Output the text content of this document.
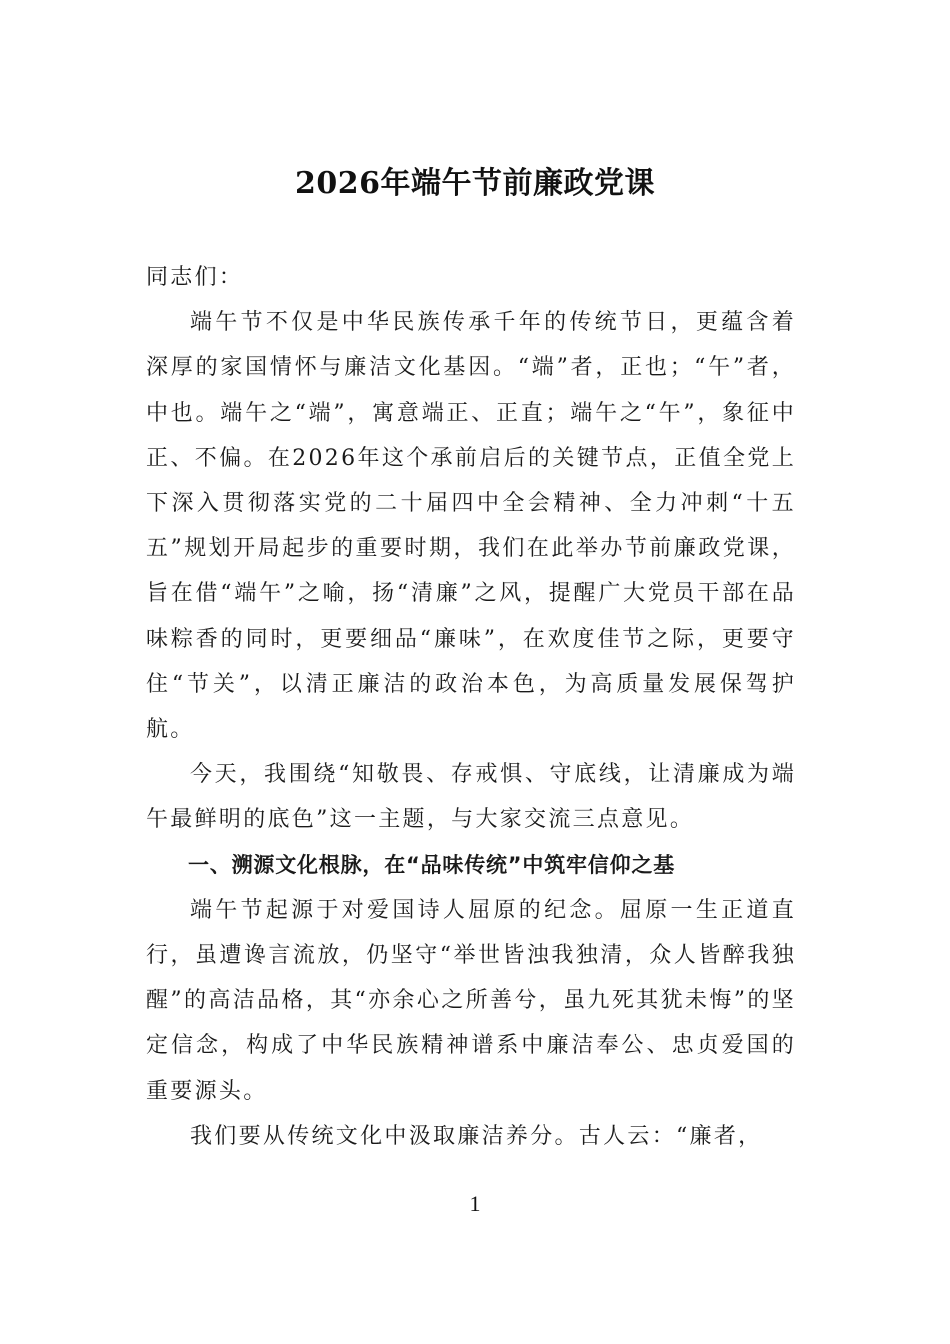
2026年端午节前廉政党课

同志们：

端午节不仅是中华民族传承千年的传统节日，更蕴含着深厚的家国情怀与廉洁文化基因。“端”者，正也；“午”者，中也。端午之“端”，寓意端正、正直；端午之“午”，象征中正、不偏。在2026年这个承前启后的关键节点，正值全党上下深入贯彻落实党的二十届四中全会精神、全力冲刺“十五五”规划开局起步的重要时期，我们在此举办节前廉政党课，旨在借“端午”之喻，扬“清廉”之风，提醒广大党员干部在品味粽香的同时，更要细品“廉味”，在欢度佳节之际，更要守住“节关”，以清正廉洁的政治本色，为高质量发展保驾护航。

今天，我围绕“知敬畏、存戒惧、守底线，让清廉成为端午最鲜明的底色”这一主题，与大家交流三点意见。

一、溯源文化根脉，在“品味传统”中筑牢信仰之基

端午节起源于对爱国诗人屈原的纪念。屈原一生正道直行，虽遭谗言流放，仍坚守“举世皆浊我独清，众人皆醉我独醒”的高洁品格，其“亦余心之所善兮，虽九死其犹未悔”的坚定信念，构成了中华民族精神谱系中廉洁奉公、忠贞爱国的重要源头。

我们要从传统文化中汲取廉洁养分。古人云：“廉者，

1
